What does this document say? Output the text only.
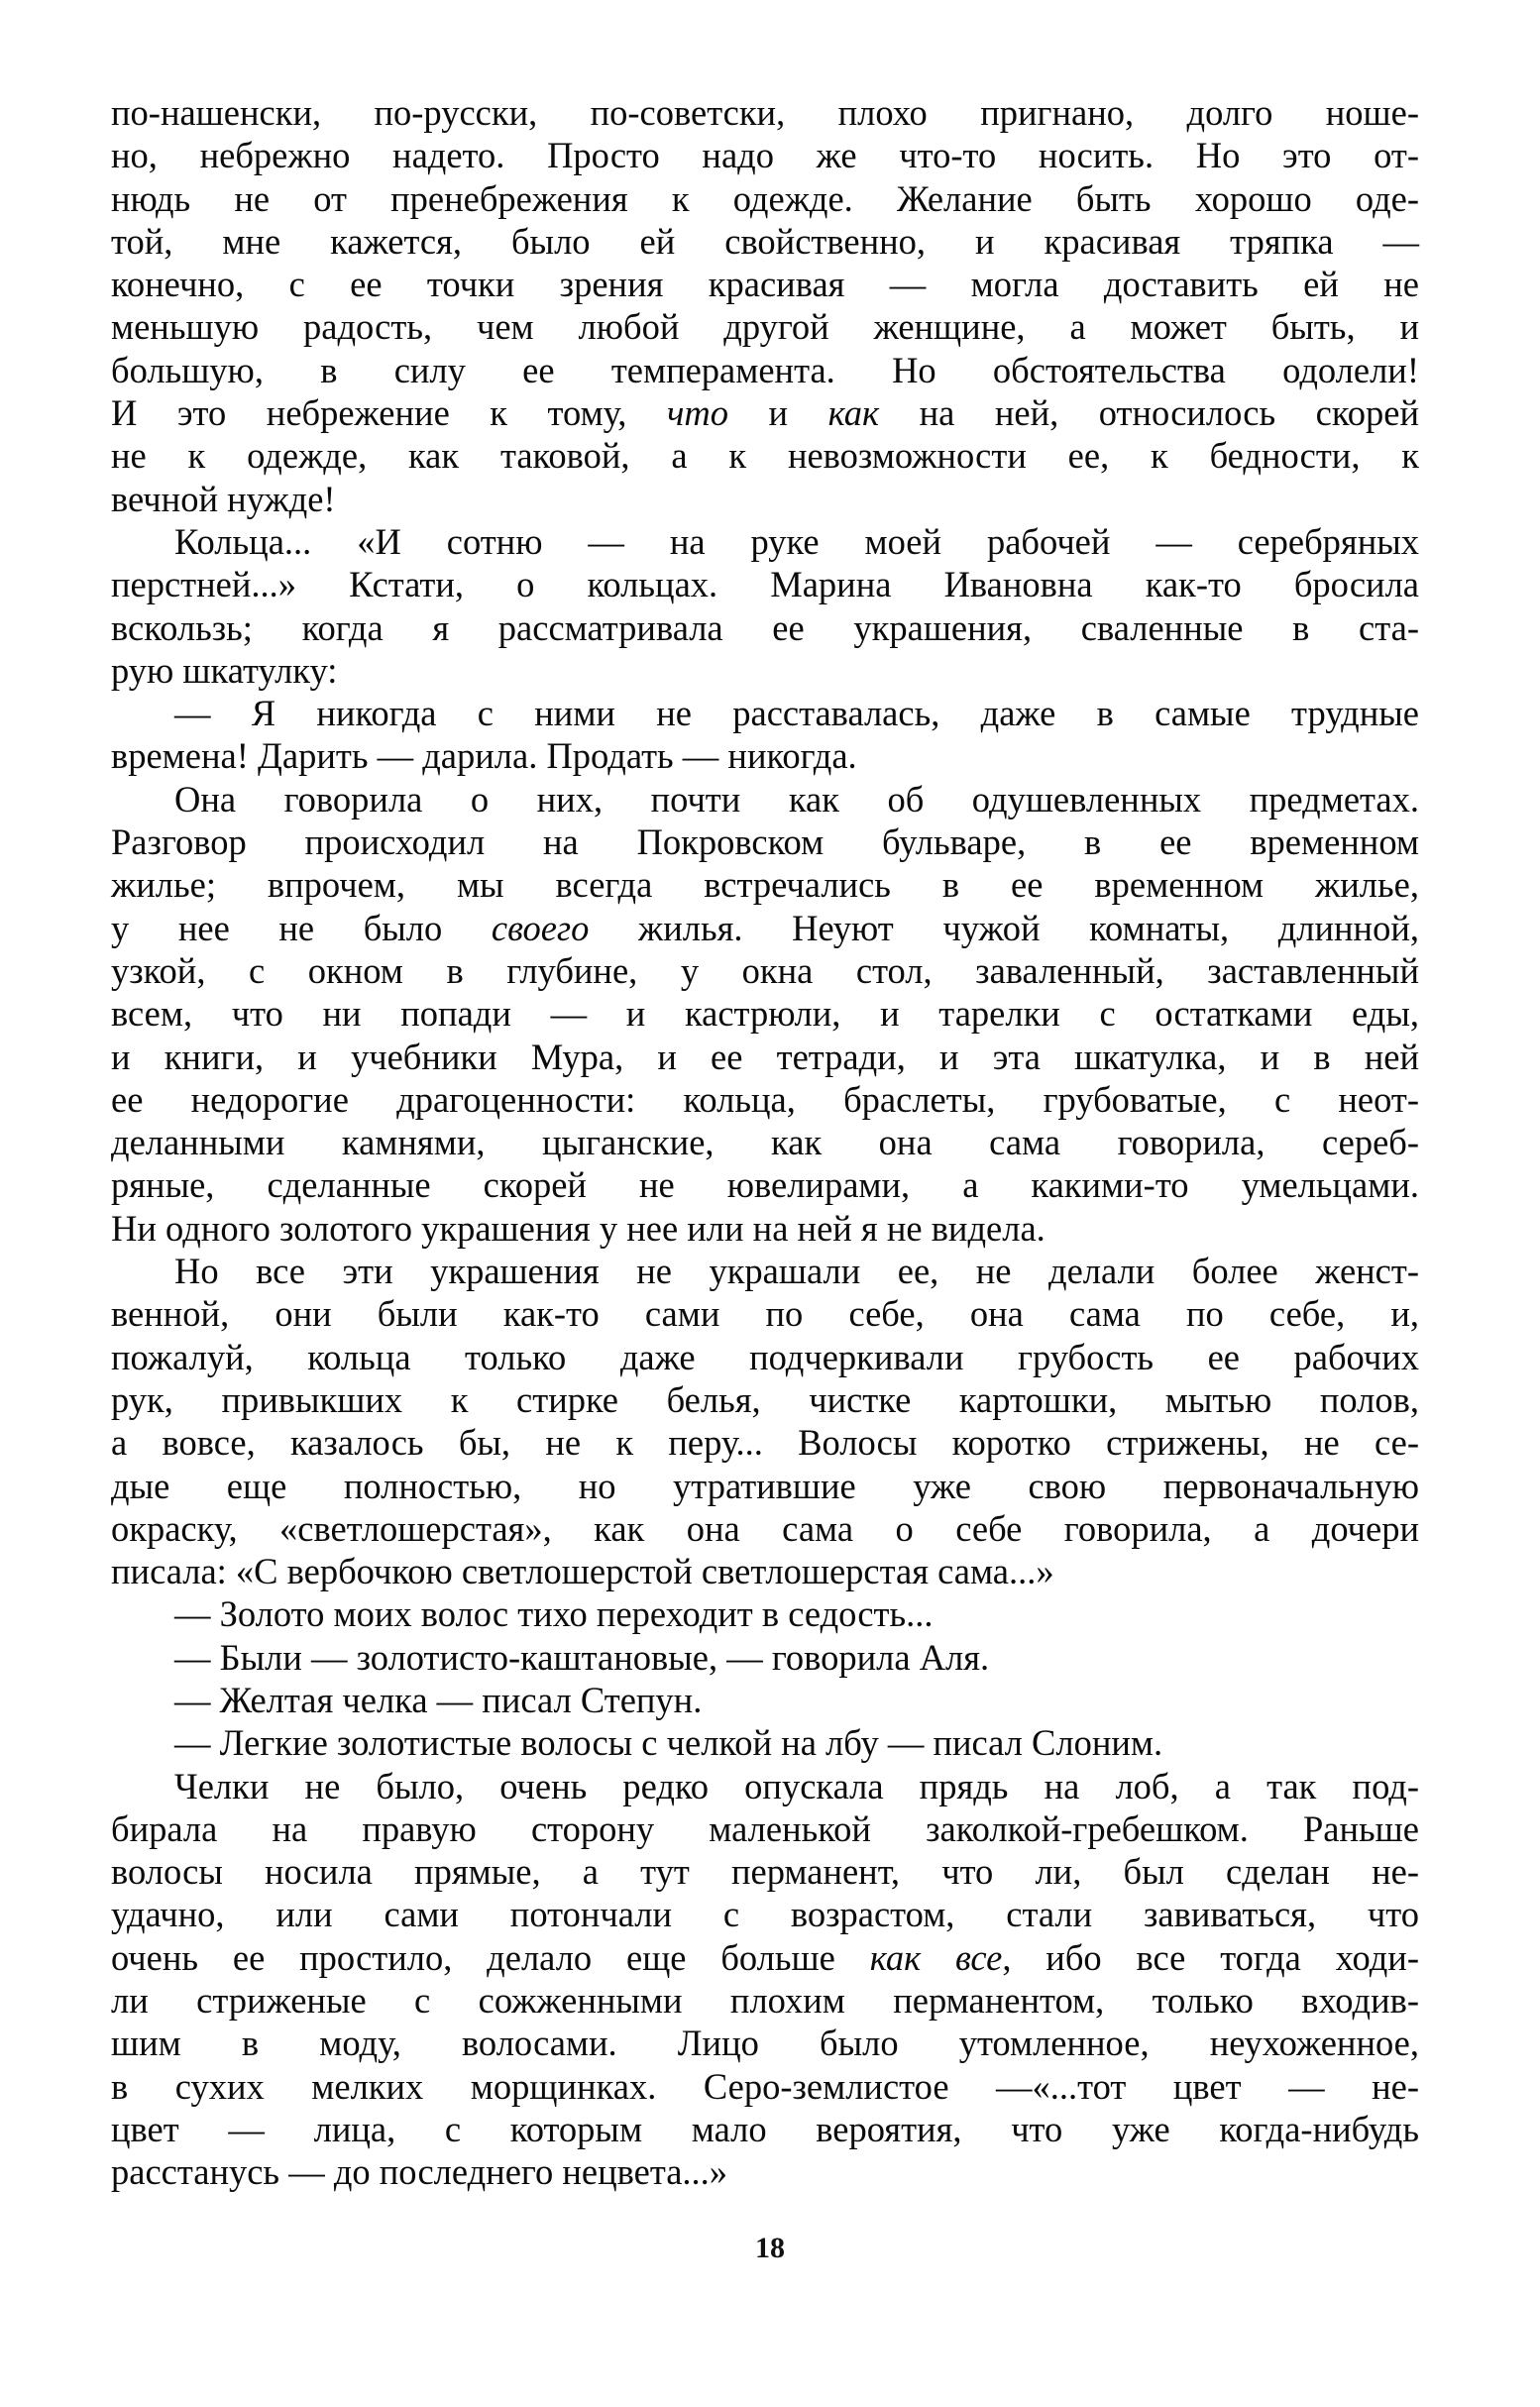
по-нашенски, по-русски, по-советски, плохо пригнано, долго ноше-
но, небрежно надето. Просто надо же что-то носить. Но это от-
нюдь не от пренебрежения к одежде. Желание быть хорошо оде-
той, мне кажется, было ей свойственно, и красивая тряпка —
конечно, с ее точки зрения красивая — могла доставить ей не
меньшую радость, чем любой другой женщине, а может быть, и
большую, в силу ее темперамента. Но обстоятельства одолели!
И это небрежение к тому, что и как на ней, относилось скорей
не к одежде, как таковой, а к невозможности ее, к бедности, к
вечной нужде!
Кольца... «И сотню — на руке моей рабочей — серебряных
перстней...» Кстати, о кольцах. Марина Ивановна как-то бросила
вскользь; когда я рассматривала ее украшения, сваленные в ста-
рую шкатулку:
— Я никогда с ними не расставалась, даже в самые трудные
времена! Дарить — дарила. Продать — никогда.
Она говорила о них, почти как об одушевленных предметах.
Разговор происходил на Покровском бульваре, в ее временном
жилье; впрочем, мы всегда встречались в ее временном жилье,
у нее не было своего жилья. Неуют чужой комнаты, длинной,
узкой, с окном в глубине, у окна стол, заваленный, заставленный
всем, что ни попади — и кастрюли, и тарелки с остатками еды,
и книги, и учебники Мура, и ее тетради, и эта шкатулка, и в ней
ее недорогие драгоценности: кольца, браслеты, грубоватые, с неот-
деланными камнями, цыганские, как она сама говорила, сереб-
ряные, сделанные скорей не ювелирами, а какими-то умельцами.
Ни одного золотого украшения у нее или на ней я не видела.
Но все эти украшения не украшали ее, не делали более женст-
венной, они были как-то сами по себе, она сама по себе, и,
пожалуй, кольца только даже подчеркивали грубость ее рабочих
рук, привыкших к стирке белья, чистке картошки, мытью полов,
а вовсе, казалось бы, не к перу... Волосы коротко стрижены, не се-
дые еще полностью, но утратившие уже свою первоначальную
окраску, «светлошерстая», как она сама о себе говорила, а дочери
писала: «С вербочкою светлошерстой светлошерстая сама...»
— Золото моих волос тихо переходит в седость...
— Были — золотисто-каштановые, — говорила Аля.
— Желтая челка — писал Степун.
— Легкие золотистые волосы с челкой на лбу — писал Слоним.
Челки не было, очень редко опускала прядь на лоб, а так под-
бирала на правую сторону маленькой заколкой-гребешком. Раньше
волосы носила прямые, а тут перманент, что ли, был сделан не-
удачно, или сами потончали с возрастом, стали завиваться, что
очень ее простило, делало еще больше как все, ибо все тогда ходи-
ли стриженые с сожженными плохим перманентом, только входив-
шим в моду, волосами. Лицо было утомленное, неухоженное,
в сухих мелких морщинках. Серо-землистое —«...тот цвет — не-
цвет — лица, с которым мало вероятия, что уже когда-нибудь
расстанусь — до последнего нецвета...»
18
